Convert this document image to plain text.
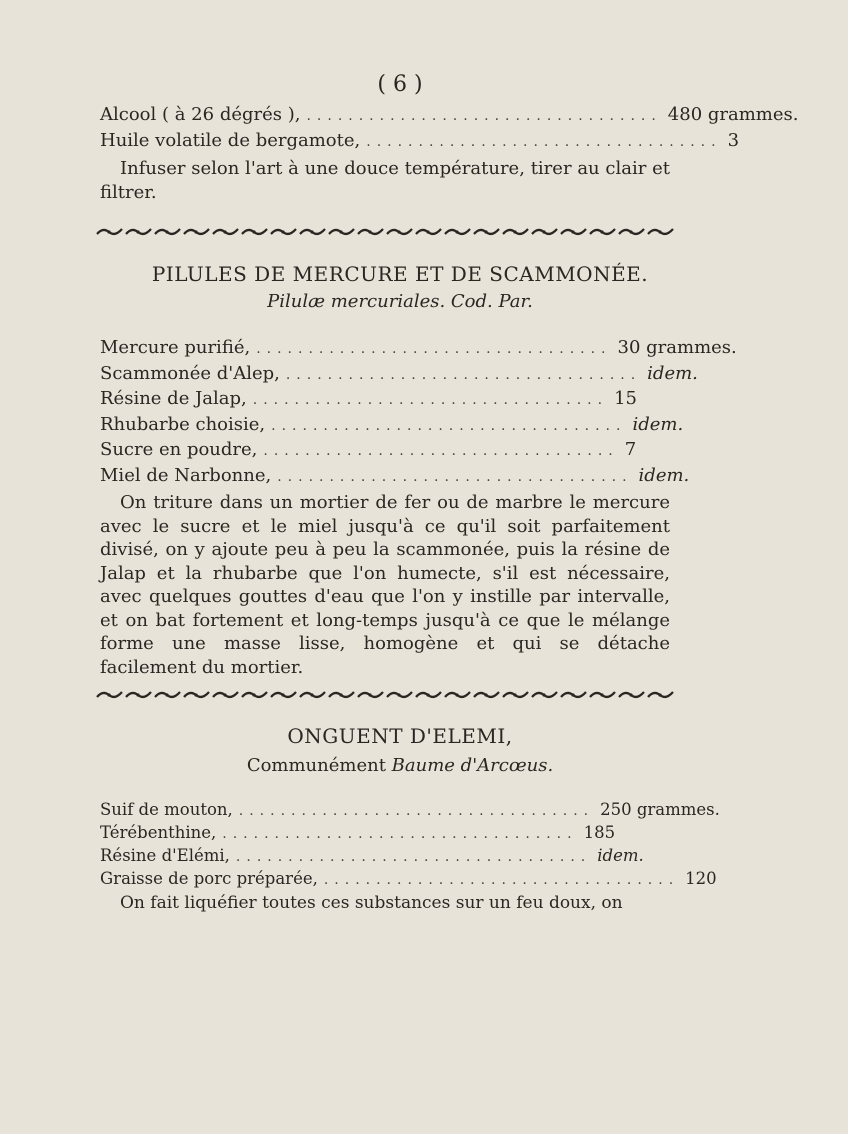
( 6 )
Alcool ( à 26 dégrés ), .................................. 480 grammes.
Huile volatile de bergamote, .................................. 3
Infuser selon l'art à une douce température, tirer au clair et filtrer.
PILULES DE MERCURE ET DE SCAMMONÉE.
Pilulæ mercuriales. Cod. Par.
Mercure purifié, .................................. 30 grammes.
Scammonée d'Alep, .................................. idem.
Résine de Jalap, .................................. 15
Rhubarbe choisie, .................................. idem.
Sucre en poudre, .................................. 7
Miel de Narbonne, .................................. idem.
On triture dans un mortier de fer ou de marbre le mercure avec le sucre et le miel jusqu'à ce qu'il soit parfaitement divisé, on y ajoute peu à peu la scammonée, puis la résine de Jalap et la rhubarbe que l'on humecte, s'il est nécessaire, avec quelques gouttes d'eau que l'on y instille par intervalle, et on bat fortement et long-temps jusqu'à ce que le mélange forme une masse lisse, homogène et qui se détache facilement du mortier.
ONGUENT D'ELEMI,
Communément Baume d'Arcœus.
Suif de mouton, .................................. 250 grammes.
Térébenthine, .................................. 185
Résine d'Elémi, .................................. idem.
Graisse de porc préparée, .................................. 120
On fait liquéfier toutes ces substances sur un feu doux, on
